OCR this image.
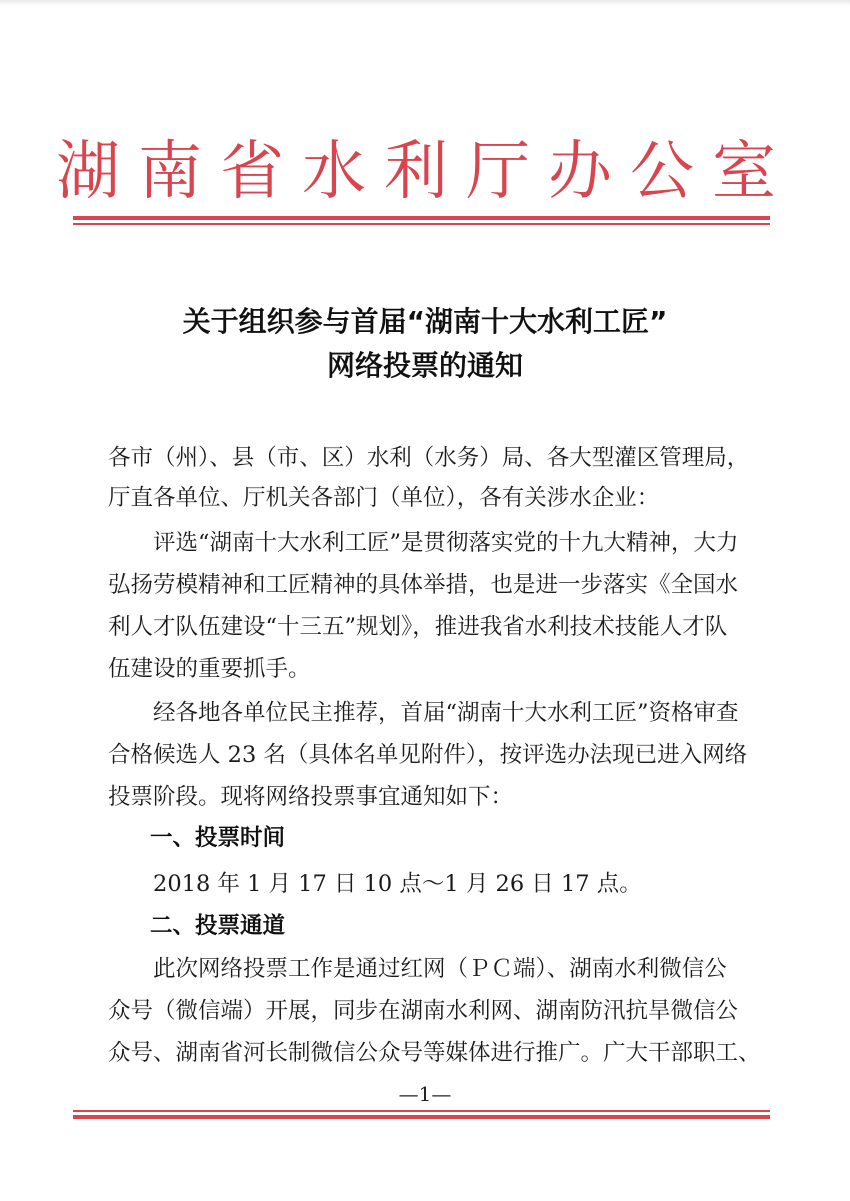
湖南省水利厅办公室
关于组织参与首届“湖南十大水利工匠”
网络投票的通知
各市（州）、县（市、区）水利（水务）局、各大型灌区管理局，
厅直各单位、厅机关各部门（单位），各有关涉水企业：
　　评选“湖南十大水利工匠”是贯彻落实党的十九大精神，大力
弘扬劳模精神和工匠精神的具体举措，也是进一步落实《全国水
利人才队伍建设“十三五”规划》，推进我省水利技术技能人才队
伍建设的重要抓手。
　　经各地各单位民主推荐，首届“湖南十大水利工匠”资格审查
合格候选人 23 名（具体名单见附件），按评选办法现已进入网络
投票阶段。现将网络投票事宜通知如下：
一、投票时间
　　2018 年 1 月 17 日 10 点～1 月 26 日 17 点。
二、投票通道
　　此次网络投票工作是通过红网（ＰＣ端）、湖南水利微信公
众号（微信端）开展，同步在湖南水利网、湖南防汛抗旱微信公
众号、湖南省河长制微信公众号等媒体进行推广。广大干部职工、
—1—
